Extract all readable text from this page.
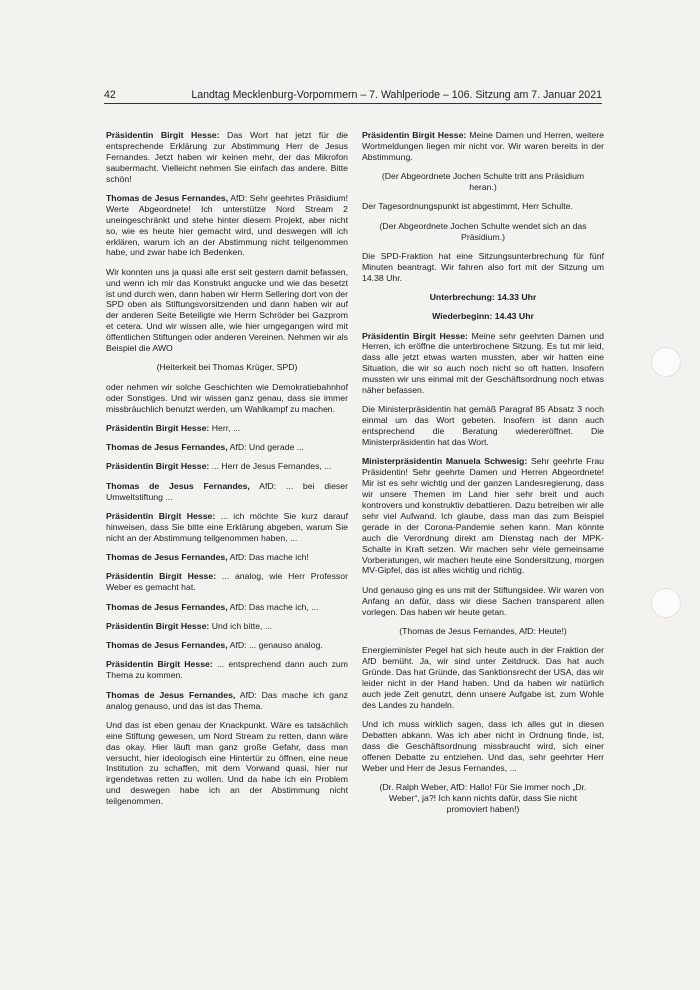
42	Landtag Mecklenburg-Vorpommern – 7. Wahlperiode – 106. Sitzung am 7. Januar 2021

Präsidentin Birgit Hesse: Das Wort hat jetzt für die entsprechende Erklärung zur Abstimmung Herr de Jesus Fernandes. Jetzt haben wir keinen mehr, der das Mikrofon saubermacht. Vielleicht nehmen Sie einfach das andere. Bitte schön!

Thomas de Jesus Fernandes, AfD: Sehr geehrtes Präsidium! Werte Abgeordnete! Ich unterstütze Nord Stream 2 uneingeschränkt und stehe hinter diesem Projekt, aber nicht so, wie es heute hier gemacht wird, und deswegen will ich erklären, warum ich an der Abstimmung nicht teilgenommen habe, und zwar habe ich Bedenken.

Wir konnten uns ja quasi alle erst seit gestern damit befassen, und wenn ich mir das Konstrukt angucke und wie das besetzt ist und durch wen, dann haben wir Herrn Sellering dort von der SPD oben als Stiftungsvorsitzenden und dann haben wir auf der anderen Seite Beteiligte wie Herrn Schröder bei Gazprom et cetera. Und wir wissen alle, wie hier umgegangen wird mit öffentlichen Stiftungen oder anderen Vereinen. Nehmen wir als Beispiel die AWO

(Heiterkeit bei Thomas Krüger, SPD)

oder nehmen wir solche Geschichten wie Demokratiebahnhof oder Sonstiges. Und wir wissen ganz genau, dass sie immer missbräuchlich benutzt werden, um Wahlkampf zu machen.

Präsidentin Birgit Hesse: Herr, ...

Thomas de Jesus Fernandes, AfD: Und gerade ...

Präsidentin Birgit Hesse: ... Herr de Jesus Fernandes, ...

Thomas de Jesus Fernandes, AfD: ... bei dieser Umweltstiftung ...

Präsidentin Birgit Hesse: ... ich möchte Sie kurz darauf hinweisen, dass Sie bitte eine Erklärung abgeben, warum Sie nicht an der Abstimmung teilgenommen haben, ...

Thomas de Jesus Fernandes, AfD: Das mache ich!

Präsidentin Birgit Hesse: ... analog, wie Herr Professor Weber es gemacht hat.

Thomas de Jesus Fernandes, AfD: Das mache ich, ...

Präsidentin Birgit Hesse: Und ich bitte, ...

Thomas de Jesus Fernandes, AfD: ... genauso analog.

Präsidentin Birgit Hesse: ... entsprechend dann auch zum Thema zu kommen.

Thomas de Jesus Fernandes, AfD: Das mache ich ganz analog genauso, und das ist das Thema.

Und das ist eben genau der Knackpunkt. Wäre es tatsächlich eine Stiftung gewesen, um Nord Stream zu retten, dann wäre das okay. Hier läuft man ganz große Gefahr, dass man versucht, hier ideologisch eine Hintertür zu öffnen, eine neue Institution zu schaffen, mit dem Vorwand quasi, hier nur irgendetwas retten zu wollen. Und da habe ich ein Problem und deswegen habe ich an der Abstimmung nicht teilgenommen.

Präsidentin Birgit Hesse: Meine Damen und Herren, weitere Wortmeldungen liegen mir nicht vor. Wir waren bereits in der Abstimmung.

(Der Abgeordnete Jochen Schulte tritt ans Präsidium heran.)

Der Tagesordnungspunkt ist abgestimmt, Herr Schulte.

(Der Abgeordnete Jochen Schulte wendet sich an das Präsidium.)

Die SPD-Fraktion hat eine Sitzungsunterbrechung für fünf Minuten beantragt. Wir fahren also fort mit der Sitzung um 14.38 Uhr.

Unterbrechung: 14.33 Uhr

Wiederbeginn: 14.43 Uhr

Präsidentin Birgit Hesse: Meine sehr geehrten Damen und Herren, ich eröffne die unterbrochene Sitzung. Es tut mir leid, dass alle jetzt etwas warten mussten, aber wir hatten eine Situation, die wir so auch noch nicht so oft hatten. Insofern mussten wir uns einmal mit der Geschäftsordnung noch etwas näher befassen.

Die Ministerpräsidentin hat gemäß Paragraf 85 Absatz 3 noch einmal um das Wort gebeten. Insofern ist dann auch entsprechend die Beratung wiedereröffnet. Die Ministerpräsidentin hat das Wort.

Ministerpräsidentin Manuela Schwesig: Sehr geehrte Frau Präsidentin! Sehr geehrte Damen und Herren Abgeordnete! Mir ist es sehr wichtig und der ganzen Landesregierung, dass wir unsere Themen im Land hier sehr breit und auch kontrovers und konstruktiv debattieren. Dazu betreiben wir alle sehr viel Aufwand. Ich glaube, dass man das zum Beispiel gerade in der Corona-Pandemie sehen kann. Man könnte auch die Verordnung direkt am Dienstag nach der MPK-Schalte in Kraft setzen. Wir machen sehr viele gemeinsame Vorberatungen, wir machen heute eine Sondersitzung, morgen MV-Gipfel, das ist alles wichtig und richtig.

Und genauso ging es uns mit der Stiftungsidee. Wir waren von Anfang an dafür, dass wir diese Sachen transparent allen vorlegen. Das haben wir heute getan.

(Thomas de Jesus Fernandes, AfD: Heute!)

Energieminister Pegel hat sich heute auch in der Fraktion der AfD bemüht. Ja, wir sind unter Zeitdruck. Das hat auch Gründe. Das hat Gründe, das Sanktionsrecht der USA, das wir leider nicht in der Hand haben. Und da haben wir natürlich auch jede Zeit genutzt, denn unsere Aufgabe ist, zum Wohle des Landes zu handeln.

Und ich muss wirklich sagen, dass ich alles gut in diesen Debatten abkann. Was ich aber nicht in Ordnung finde, ist, dass die Geschäftsordnung missbraucht wird, sich einer offenen Debatte zu entziehen. Und das, sehr geehrter Herr Weber und Herr de Jesus Fernandes, ...

(Dr. Ralph Weber, AfD: Hallo! Für Sie immer noch „Dr. Weber“, ja?! Ich kann nichts dafür, dass Sie nicht promoviert haben!)
